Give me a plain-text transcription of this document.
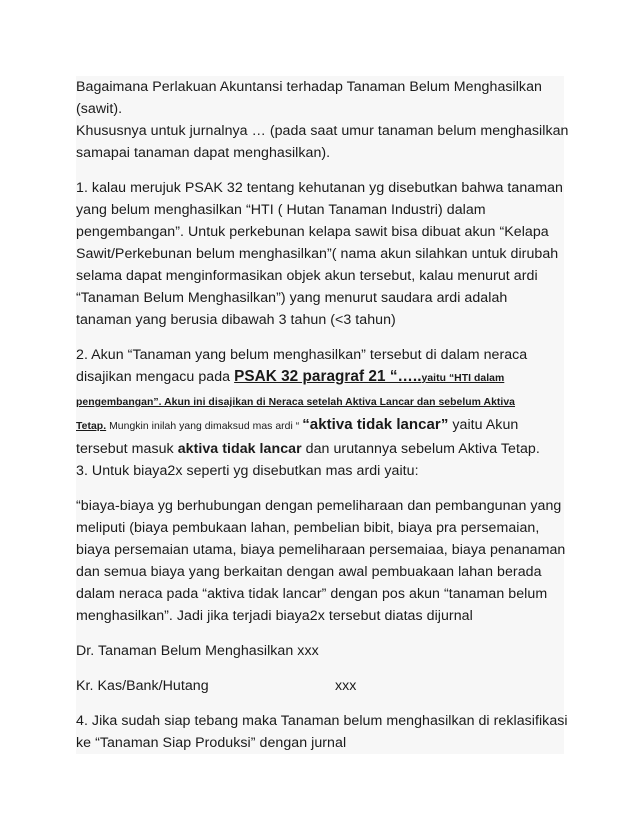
Bagaimana Perlakuan Akuntansi terhadap Tanaman Belum Menghasilkan

(sawit).

Khususnya untuk jurnalnya … (pada saat umur tanaman belum menghasilkan

samapai tanaman dapat menghasilkan).

1. kalau merujuk PSAK 32 tentang kehutanan yg disebutkan bahwa tanaman

yang belum menghasilkan “HTI ( Hutan Tanaman Industri) dalam

pengembangan”. Untuk perkebunan kelapa sawit bisa dibuat akun “Kelapa

Sawit/Perkebunan belum menghasilkan”( nama akun silahkan untuk dirubah

selama dapat menginformasikan objek akun tersebut, kalau menurut ardi

“Tanaman Belum Menghasilkan”) yang menurut saudara ardi adalah

tanaman yang berusia dibawah 3 tahun (<3 tahun)

2. Akun “Tanaman yang belum menghasilkan” tersebut di dalam neraca

disajikan mengacu pada PSAK 32 paragraf 21 “…..yaitu “HTI dalam

pengembangan”. Akun ini disajikan di Neraca setelah Aktiva Lancar dan sebelum Aktiva

Tetap. Mungkin inilah yang dimaksud mas ardi “ “aktiva tidak lancar” yaitu Akun

tersebut masuk aktiva tidak lancar dan urutannya sebelum Aktiva Tetap.

3. Untuk biaya2x seperti yg disebutkan mas ardi yaitu:

“biaya-biaya yg berhubungan dengan pemeliharaan dan pembangunan yang

meliputi (biaya pembukaan lahan, pembelian bibit, biaya pra persemaian,

biaya persemaian utama, biaya pemeliharaan persemaiaa, biaya penanaman

dan semua biaya yang berkaitan dengan awal pembuakaan lahan berada

dalam neraca pada “aktiva tidak lancar” dengan pos akun “tanaman belum

menghasilkan”. Jadi jika terjadi biaya2x tersebut diatas dijurnal

Dr. Tanaman Belum Menghasilkan xxx

Kr. Kas/Bank/Hutang	xxx

4. Jika sudah siap tebang maka Tanaman belum menghasilkan di reklasifikasi

ke “Tanaman Siap Produksi” dengan jurnal
